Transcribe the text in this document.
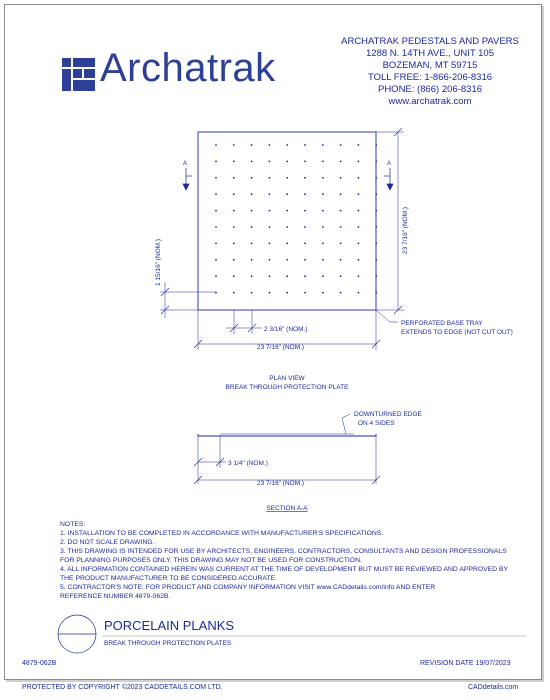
Archatrak
ARCHATRAK PEDESTALS AND PAVERS
1288 N. 14TH AVE., UNIT 105
BOZEMAN, MT 59715
TOLL FREE: 1-866-206-8316
PHONE: (866) 206-8316
www.archatrak.com
A	A
23 7/16" (NOM.)
1 15/16" (NOM.)
2 3/16" (NOM.)
23 7/16" (NOM.)
PERFORATED BASE TRAY
EXTENDS TO EDGE (NOT CUT OUT)
PLAN VIEW
BREAK THROUGH PROTECTION PLATE
DOWNTURNED EDGE
ON 4 SIDES
3 1/4" (NOM.)
23 7/16" (NOM.)
SECTION A-A
NOTES:
1. INSTALLATION TO BE COMPLETED IN ACCORDANCE WITH MANUFACTURER'S SPECIFICATIONS.
2. DO NOT SCALE DRAWING.
3. THIS DRAWING IS INTENDED FOR USE BY ARCHITECTS, ENGINEERS, CONTRACTORS, CONSULTANTS AND DESIGN PROFESSIONALS
FOR PLANNING PURPOSES ONLY. THIS DRAWING MAY NOT BE USED FOR CONSTRUCTION.
4. ALL INFORMATION CONTAINED HEREIN WAS CURRENT AT THE TIME OF DEVELOPMENT BUT MUST BE REVIEWED AND APPROVED BY
THE PRODUCT MANUFACTURER TO BE CONSIDERED ACCURATE.
5. CONTRACTOR'S NOTE: FOR PRODUCT AND COMPANY INFORMATION VISIT www.CADdetails.com/info AND ENTER
REFERENCE NUMBER 4879-062B.
PORCELAIN PLANKS
BREAK THROUGH PROTECTION PLATES
4879-062B	REVISION DATE 19/07/2023
PROTECTED BY COPYRIGHT ©2023 CADDETAILS.COM LTD.	CADdetails.com
